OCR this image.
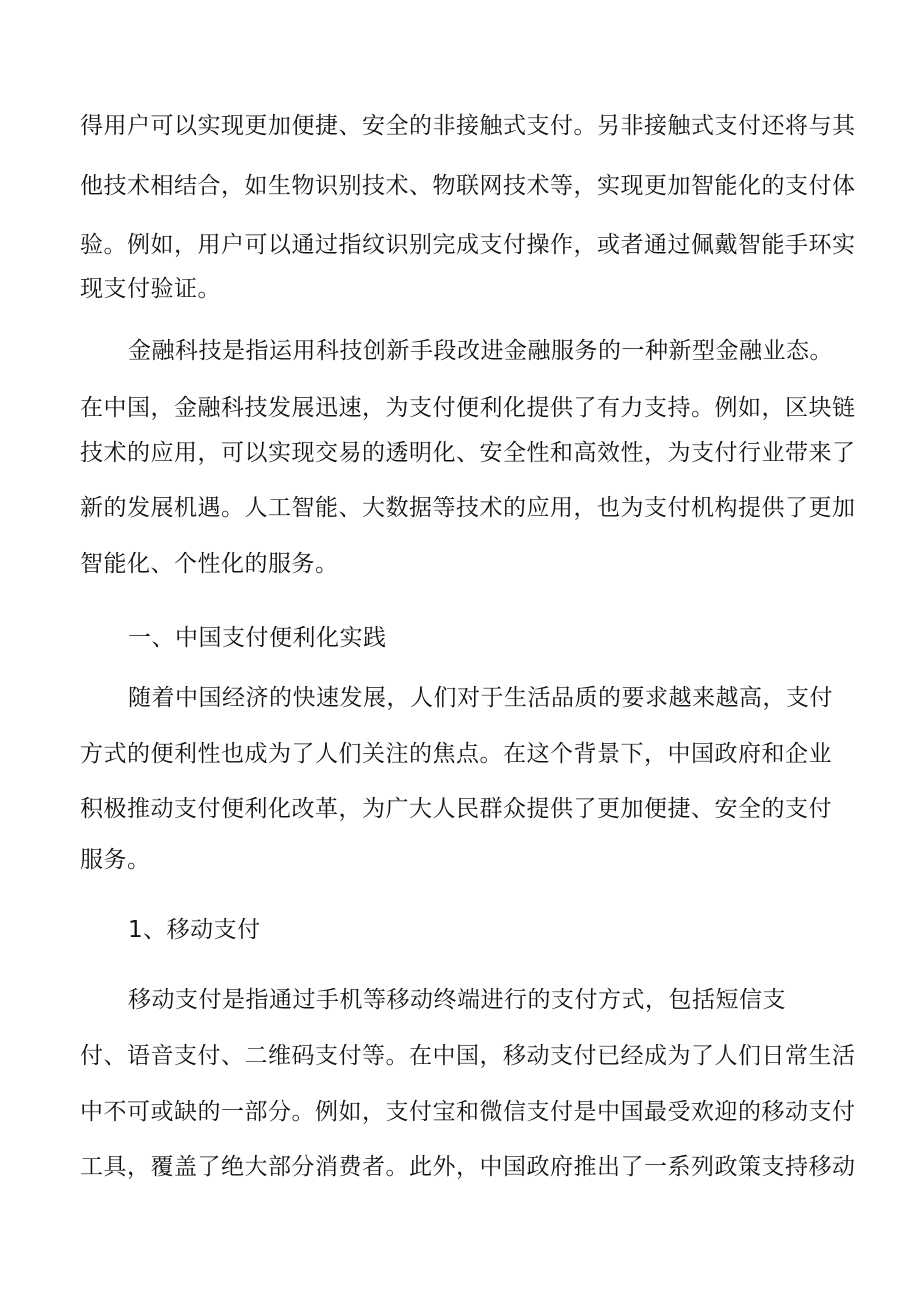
得用户可以实现更加便捷、安全的非接触式支付。另非接触式支付还将与其
他技术相结合，如生物识别技术、物联网技术等，实现更加智能化的支付体
验。例如，用户可以通过指纹识别完成支付操作，或者通过佩戴智能手环实
现支付验证。
金融科技是指运用科技创新手段改进金融服务的一种新型金融业态。
在中国，金融科技发展迅速，为支付便利化提供了有力支持。例如，区块链
技术的应用，可以实现交易的透明化、安全性和高效性，为支付行业带来了
新的发展机遇。人工智能、大数据等技术的应用，也为支付机构提供了更加
智能化、个性化的服务。
一、中国支付便利化实践
随着中国经济的快速发展，人们对于生活品质的要求越来越高，支付
方式的便利性也成为了人们关注的焦点。在这个背景下，中国政府和企业
积极推动支付便利化改革，为广大人民群众提供了更加便捷、安全的支付
服务。
1、移动支付
移动支付是指通过手机等移动终端进行的支付方式，包括短信支
付、语音支付、二维码支付等。在中国，移动支付已经成为了人们日常生活
中不可或缺的一部分。例如，支付宝和微信支付是中国最受欢迎的移动支付
工具，覆盖了绝大部分消费者。此外，中国政府推出了一系列政策支持移动
